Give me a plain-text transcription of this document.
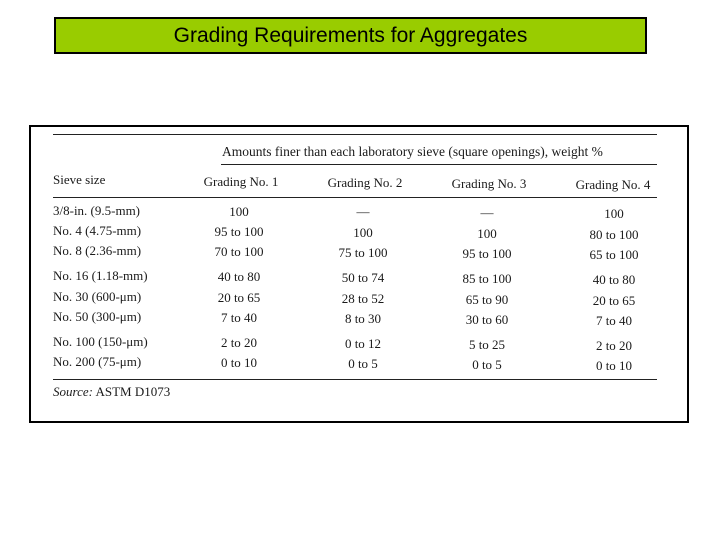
Grading Requirements for Aggregates
Amounts finer than each laboratory sieve (square openings), weight %
Sieve size	Grading No. 1	Grading No. 2	Grading No. 3	Grading No. 4
3/8-in. (9.5-mm)	100	—	—	100
No. 4 (4.75-mm)	95 to 100	100	100	80 to 100
No. 8 (2.36-mm)	70 to 100	75 to 100	95 to 100	65 to 100
No. 16 (1.18-mm)	40 to 80	50 to 74	85 to 100	40 to 80
No. 30 (600-μm)	20 to 65	28 to 52	65 to 90	20 to 65
No. 50 (300-μm)	7 to 40	8 to 30	30 to 60	7 to 40
No. 100 (150-μm)	2 to 20	0 to 12	5 to 25	2 to 20
No. 200 (75-μm)	0 to 10	0 to 5	0 to 5	0 to 10
Source: ASTM D1073
